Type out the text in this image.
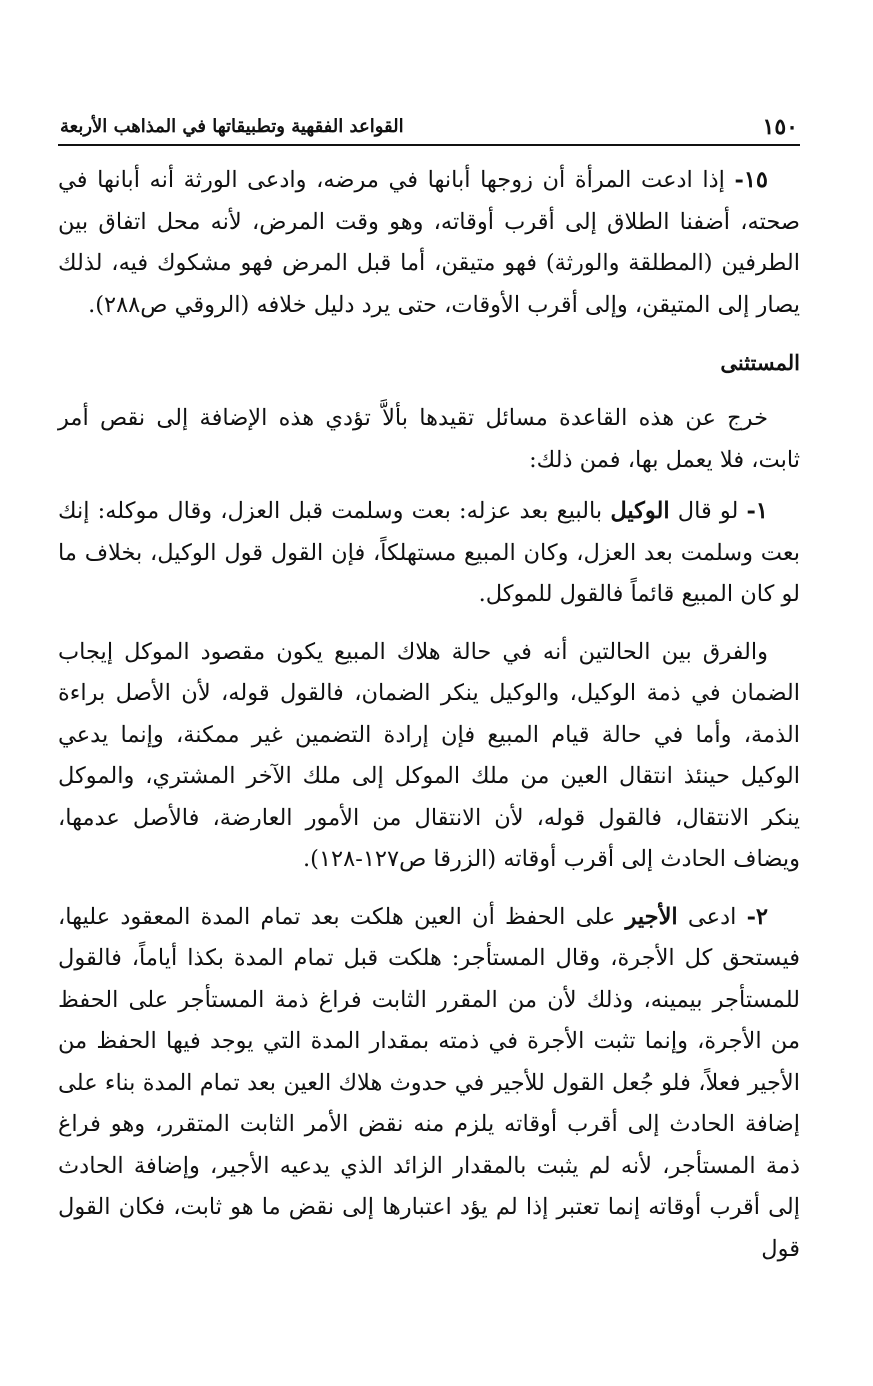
١٥٠
القواعد الفقهية وتطبيقاتها في المذاهب الأربعة

١٥- إذا ادعت المرأة أن زوجها أبانها في مرضه، وادعى الورثة أنه أبانها في صحته، أضفنا الطلاق إلى أقرب أوقاته، وهو وقت المرض، لأنه محل اتفاق بين الطرفين (المطلقة والورثة) فهو متيقن، أما قبل المرض فهو مشكوك فيه، لذلك يصار إلى المتيقن، وإلى أقرب الأوقات، حتى يرد دليل خلافه (الروقي ص٢٨٨).

المستثنى

خرج عن هذه القاعدة مسائل تقيدها بألاَّ تؤدي هذه الإضافة إلى نقص أمر ثابت، فلا يعمل بها، فمن ذلك:

١- لو قال الوكيل بالبيع بعد عزله: بعت وسلمت قبل العزل، وقال موكله: إنك بعت وسلمت بعد العزل، وكان المبيع مستهلكاً، فإن القول قول الوكيل، بخلاف ما لو كان المبيع قائماً فالقول للموكل.

والفرق بين الحالتين أنه في حالة هلاك المبيع يكون مقصود الموكل إيجاب الضمان في ذمة الوكيل، والوكيل ينكر الضمان، فالقول قوله، لأن الأصل براءة الذمة، وأما في حالة قيام المبيع فإن إرادة التضمين غير ممكنة، وإنما يدعي الوكيل حينئذ انتقال العين من ملك الموكل إلى ملك الآخر المشتري، والموكل ينكر الانتقال، فالقول قوله، لأن الانتقال من الأمور العارضة، فالأصل عدمها، ويضاف الحادث إلى أقرب أوقاته (الزرقا ص١٢٧-١٢٨).

٢- ادعى الأجير على الحفظ أن العين هلكت بعد تمام المدة المعقود عليها، فيستحق كل الأجرة، وقال المستأجر: هلكت قبل تمام المدة بكذا أياماً، فالقول للمستأجر بيمينه، وذلك لأن من المقرر الثابت فراغ ذمة المستأجر على الحفظ من الأجرة، وإنما تثبت الأجرة في ذمته بمقدار المدة التي يوجد فيها الحفظ من الأجير فعلاً، فلو جُعل القول للأجير في حدوث هلاك العين بعد تمام المدة بناء على إضافة الحادث إلى أقرب أوقاته يلزم منه نقض الأمر الثابت المتقرر، وهو فراغ ذمة المستأجر، لأنه لم يثبت بالمقدار الزائد الذي يدعيه الأجير، وإضافة الحادث إلى أقرب أوقاته إنما تعتبر إذا لم يؤد اعتبارها إلى نقض ما هو ثابت، فكان القول قول
